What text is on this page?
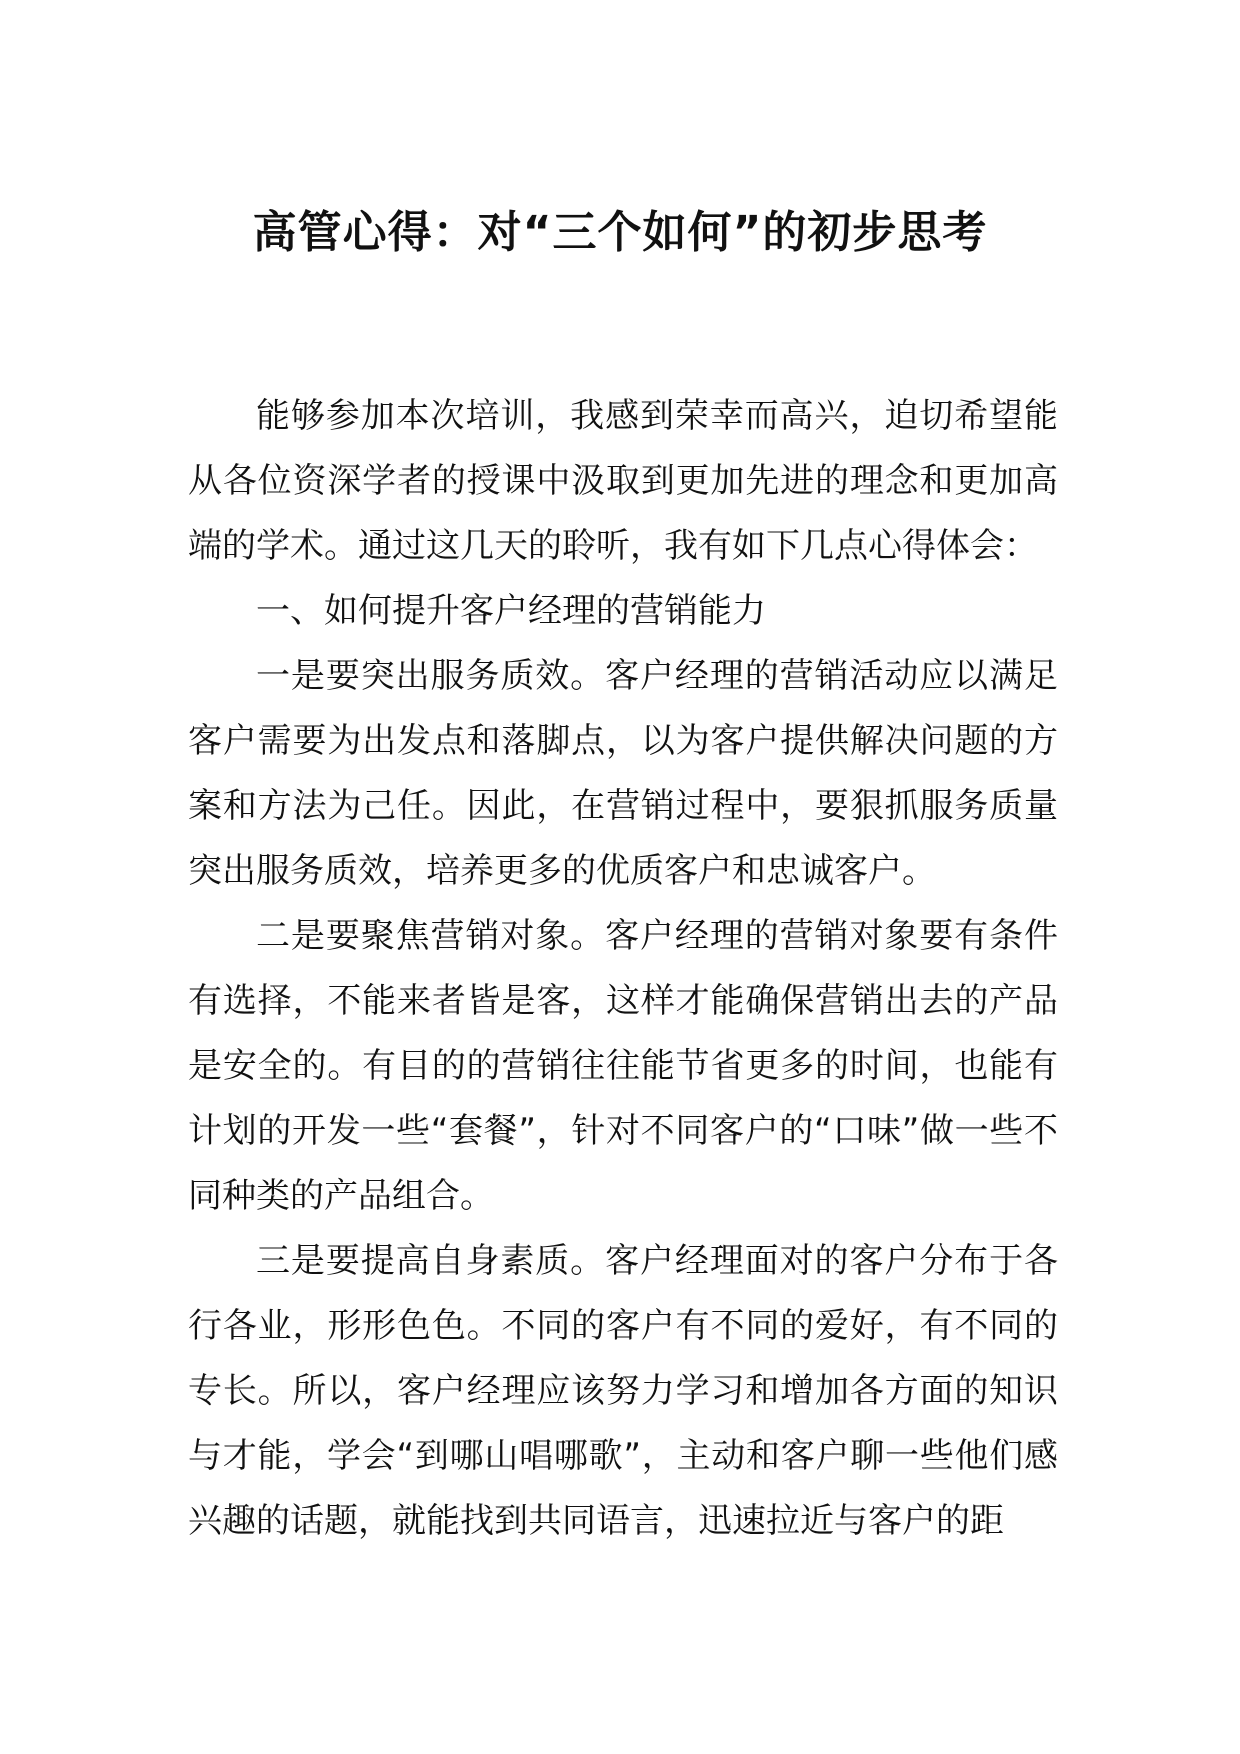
高管心得：对“三个如何”的初步思考

能够参加本次培训，我感到荣幸而高兴，迫切希望能从各位资深学者的授课中汲取到更加先进的理念和更加高端的学术。通过这几天的聆听，我有如下几点心得体会：

一、如何提升客户经理的营销能力

一是要突出服务质效。客户经理的营销活动应以满足客户需要为出发点和落脚点，以为客户提供解决问题的方案和方法为己任。因此，在营销过程中，要狠抓服务质量突出服务质效，培养更多的优质客户和忠诚客户。

二是要聚焦营销对象。客户经理的营销对象要有条件有选择，不能来者皆是客，这样才能确保营销出去的产品是安全的。有目的的营销往往能节省更多的时间，也能有计划的开发一些“套餐”，针对不同客户的“口味”做一些不同种类的产品组合。

三是要提高自身素质。客户经理面对的客户分布于各行各业，形形色色。不同的客户有不同的爱好，有不同的专长。所以，客户经理应该努力学习和增加各方面的知识与才能，学会“到哪山唱哪歌”，主动和客户聊一些他们感兴趣的话题，就能找到共同语言，迅速拉近与客户的距
